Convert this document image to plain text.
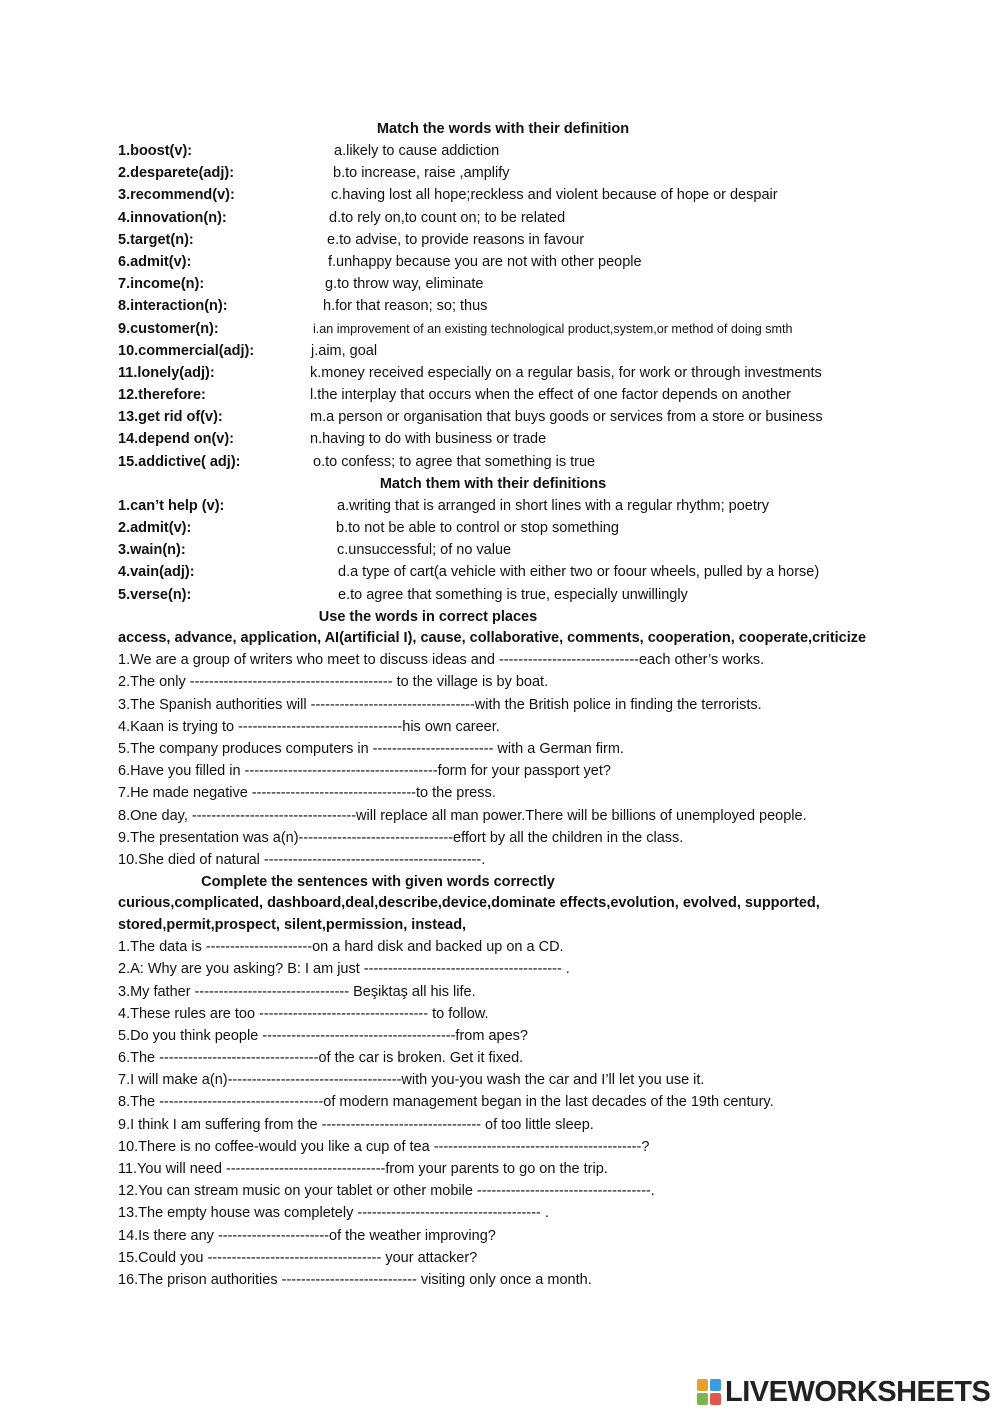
Match the words with their definition
1.boost(v):	a.likely to cause addiction
2.desparete(adj):	b.to increase, raise ,amplify
3.recommend(v):	c.having lost all hope;reckless and violent because of hope or despair
4.innovation(n):	d.to rely on,to count on; to be related
5.target(n):	e.to advise, to provide reasons in favour
6.admit(v):	f.unhappy because you are not with other people
7.income(n):	g.to throw way, eliminate
8.interaction(n):	h.for that reason; so; thus
9.customer(n):	i.an improvement of an existing technological product,system,or method of doing smth
10.commercial(adj):	j.aim, goal
11.lonely(adj):	k.money received especially on a regular basis, for work or through investments
12.therefore:	l.the interplay that occurs when the effect of one factor depends on another
13.get rid of(v):	m.a person or organisation that buys goods or services from a store or business
14.depend on(v):	n.having to do with business or trade
15.addictive( adj):	o.to confess; to agree that something is true
Match them with their definitions
1.can’t help (v):	a.writing that is arranged in short lines with a regular rhythm; poetry
2.admit(v):	b.to not be able to control or stop something
3.wain(n):	c.unsuccessful; of no value
4.vain(adj):	d.a type of cart(a vehicle with either two or foour wheels, pulled by a horse)
5.verse(n):	e.to agree that something is true, especially unwillingly
Use the words in correct places
access, advance, application, AI(artificial I), cause, collaborative, comments, cooperation, cooperate,criticize
1.We are a group of writers who meet to discuss ideas and -----------------------------each other’s works.
2.The only ------------------------------------------ to the village is by boat.
3.The Spanish authorities will ----------------------------------with the British police in finding the terrorists.
4.Kaan is trying to ----------------------------------his own career.
5.The company produces computers in ------------------------- with a German firm.
6.Have you filled in ----------------------------------------form for your passport yet?
7.He made negative ----------------------------------to the press.
8.One day, ----------------------------------will replace all man power.There will be billions of unemployed people.
9.The presentation was a(n)--------------------------------effort by all the children in the class.
10.She died of natural ---------------------------------------------.
Complete the sentences with given words correctly
curious,complicated, dashboard,deal,describe,device,dominate effects,evolution, evolved, supported,
stored,permit,prospect, silent,permission, instead,
1.The data is ----------------------on a hard disk and backed up on a CD.
2.A: Why are you asking? B: I am just ----------------------------------------- .
3.My father -------------------------------- Beşiktaş all his life.
4.These rules are too ----------------------------------- to follow.
5.Do you think people ----------------------------------------from apes?
6.The ---------------------------------of the car is broken. Get it fixed.
7.I will make a(n)------------------------------------with you-you wash the car and I’ll let you use it.
8.The ----------------------------------of modern management began in the last decades of the 19th century.
9.I think I am suffering from the --------------------------------- of too little sleep.
10.There is no coffee-would you like a cup of tea -------------------------------------------?
11.You will need ---------------------------------from your parents to go on the trip.
12.You can stream music on your tablet or other mobile ------------------------------------.
13.The empty house was completely -------------------------------------- .
14.Is there any -----------------------of the weather improving?
15.Could you ------------------------------------ your attacker?
16.The prison authorities ---------------------------- visiting only once a month.
LIVEWORKSHEETS
